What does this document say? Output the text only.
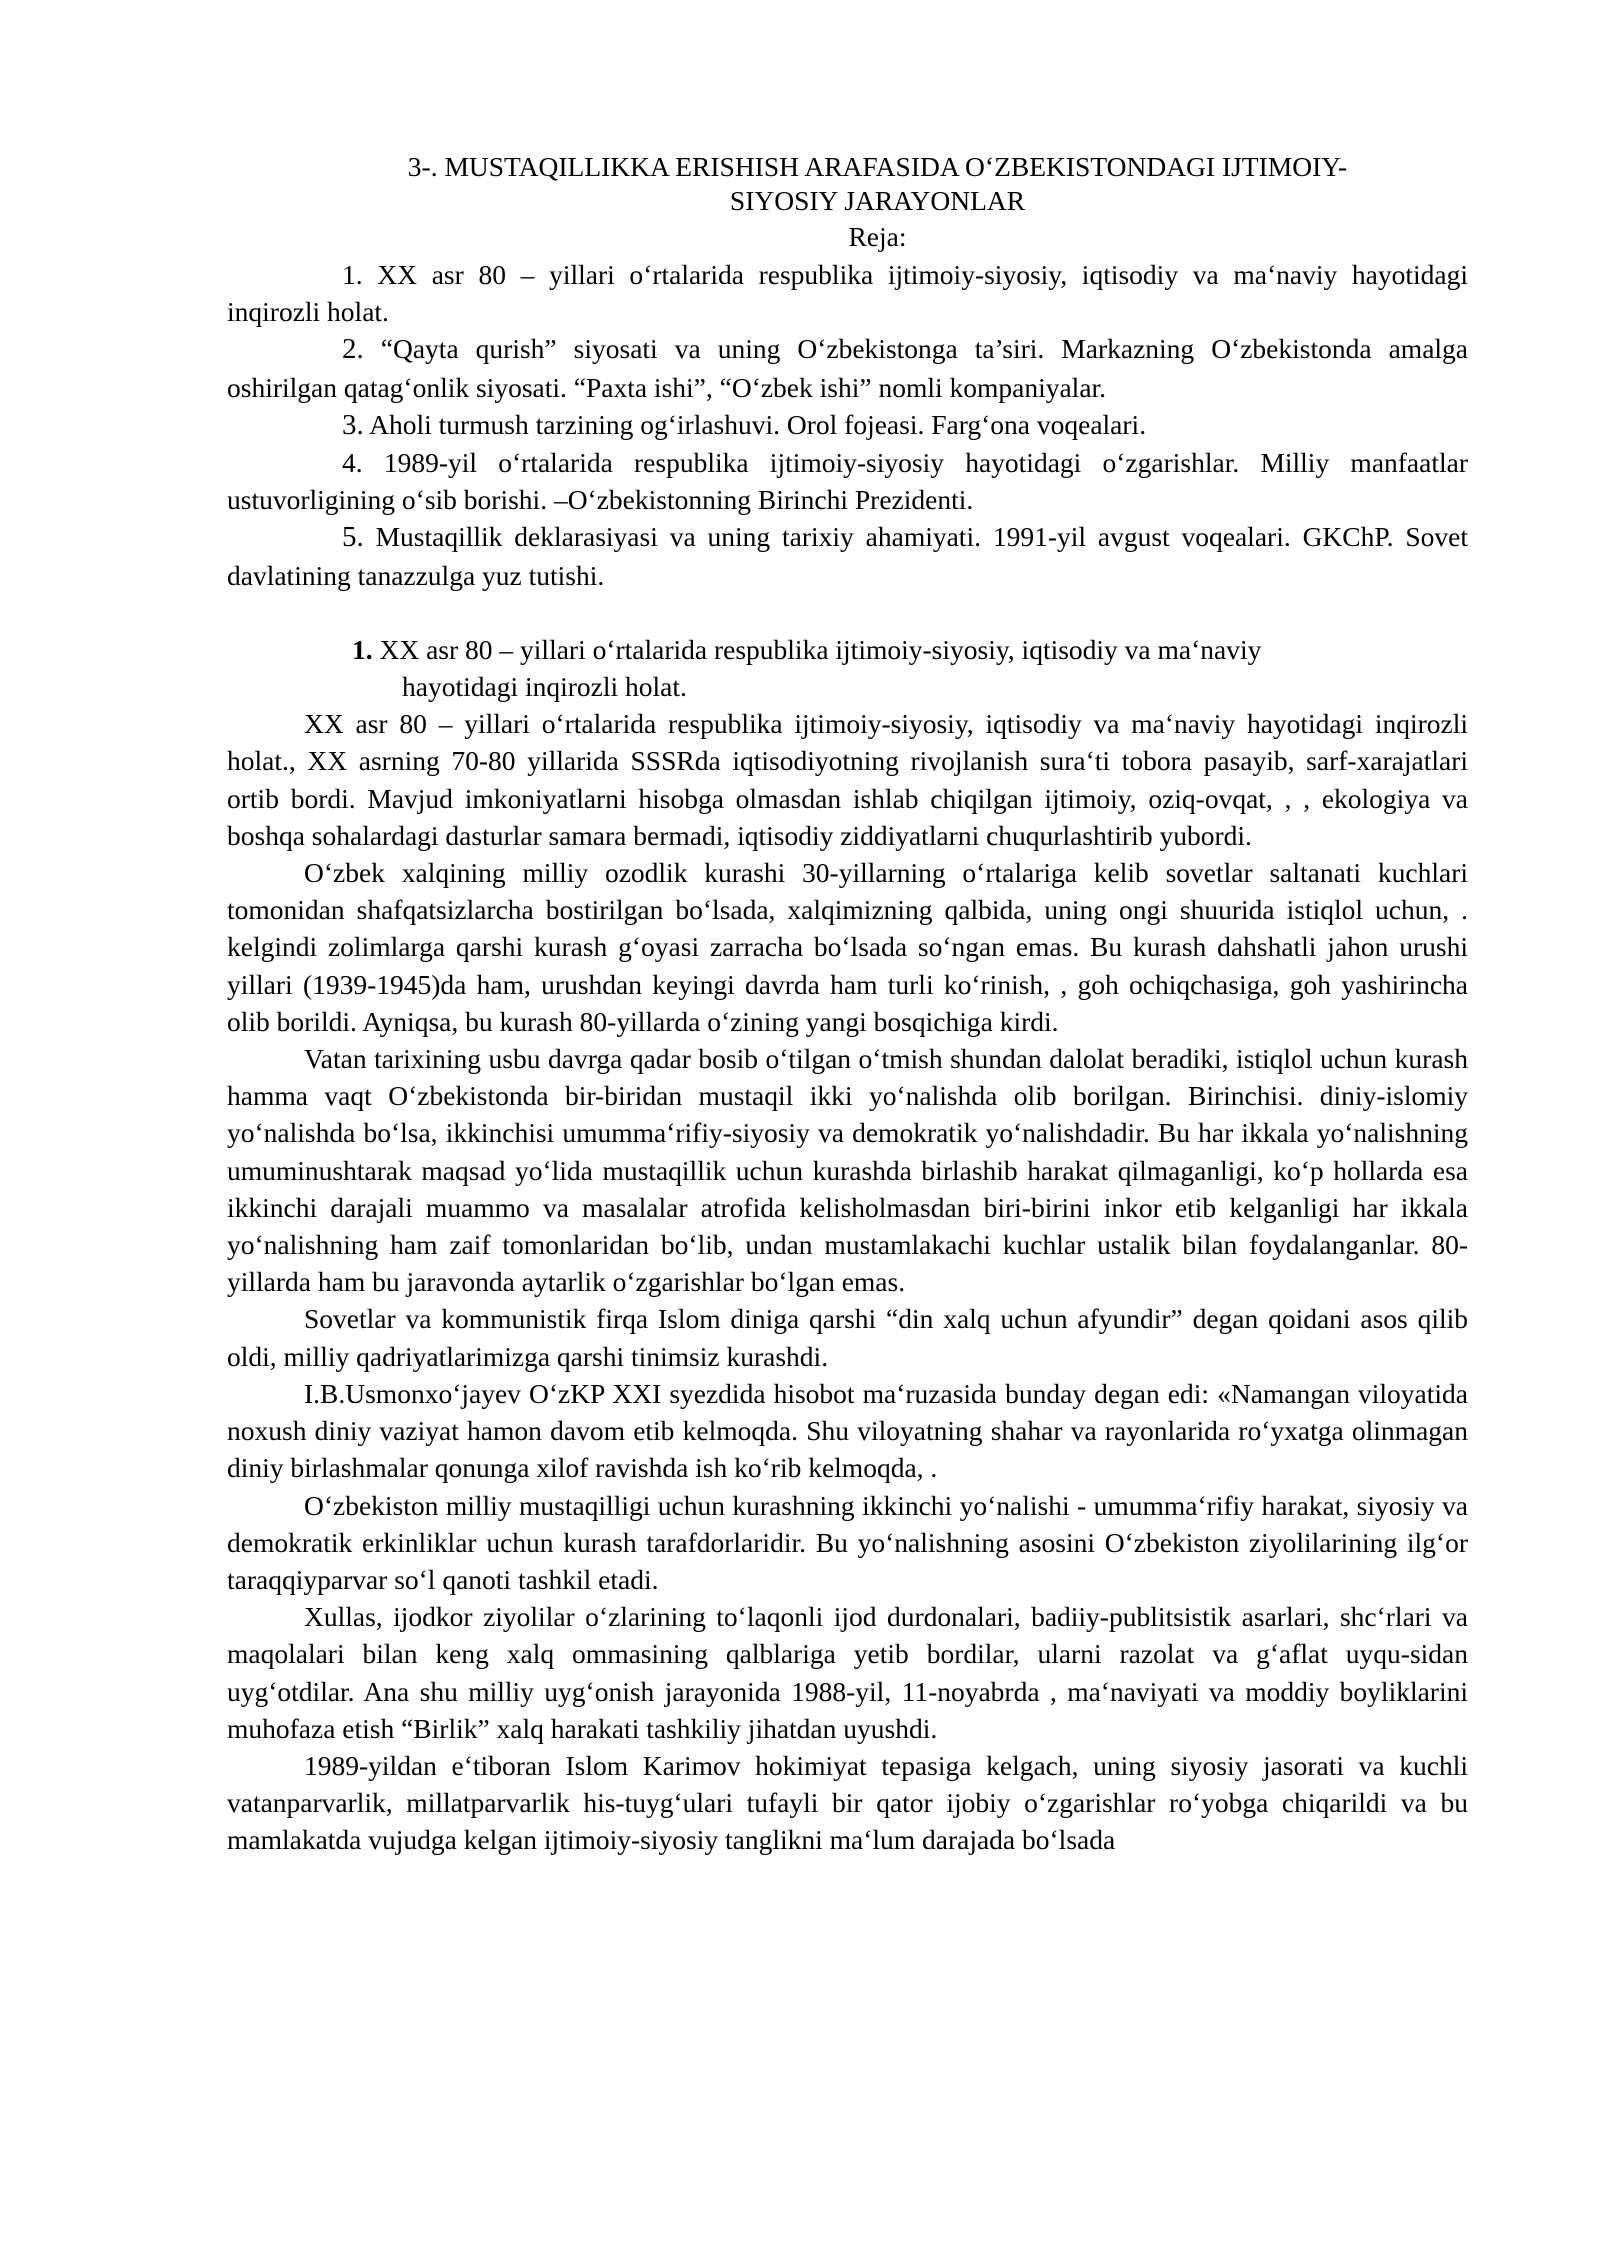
3-. MUSTAQILLIKKA ERISHISH ARAFASIDA O‘ZBEKISTONDAGI IJTIMOIY-
SIYOSIY JARAYONLAR

Reja:

1. XX asr 80 – yillari o‘rtalarida respublika ijtimoiy-siyosiy, iqtisodiy va ma‘naviy hayotidagi inqirozli holat.

2. “Qayta qurish” siyosati va uning O‘zbekistonga ta’siri. Markazning O‘zbekistonda amalga oshirilgan qatag‘onlik siyosati. “Paxta ishi”, “O‘zbek ishi” nomli kompaniyalar.

3. Aholi turmush tarzining og‘irlashuvi. Orol fojeasi. Farg‘ona voqealari.

4. 1989-yil o‘rtalarida respublika ijtimoiy-siyosiy hayotidagi o‘zgarishlar. Milliy manfaatlar ustuvorligining o‘sib borishi. –O‘zbekistonning Birinchi Prezidenti.

5. Mustaqillik deklarasiyasi va uning tarixiy ahamiyati. 1991-yil avgust voqealari. GKChP. Sovet davlatining tanazzulga yuz tutishi.

1. XX asr 80 – yillari o‘rtalarida respublika ijtimoiy-siyosiy, iqtisodiy va ma‘naviy
hayotidagi inqirozli holat.

XX asr 80 – yillari o‘rtalarida respublika ijtimoiy-siyosiy, iqtisodiy va ma‘naviy hayotidagi inqirozli holat., XX asrning 70-80 yillarida SSSRda iqtisodiyotning rivojlanish sura‘ti tobora pasayib, sarf-xarajatlari ortib bordi. Mavjud imkoniyatlarni hisobga olmasdan ishlab chiqilgan ijtimoiy, oziq-ovqat, , , ekologiya va boshqa sohalardagi dasturlar samara bermadi, iqtisodiy ziddiyatlarni chuqurlashtirib yubordi.

O‘zbek xalqining milliy ozodlik kurashi 30-yillarning o‘rtalariga kelib sovetlar saltanati kuchlari tomonidan shafqatsizlarcha bostirilgan bo‘lsada, xalqimizning qalbida, uning ongi shuurida istiqlol uchun, . kelgindi zolimlarga qarshi kurash g‘oyasi zarracha bo‘lsada so‘ngan emas. Bu kurash dahshatli jahon urushi yillari (1939-1945)da ham, urushdan keyingi davrda ham turli ko‘rinish, , goh ochiqchasiga, goh yashirincha olib borildi. Ayniqsa, bu kurash 80-yillarda o‘zining yangi bosqichiga kirdi.

Vatan tarixining usbu davrga qadar bosib o‘tilgan o‘tmish shundan dalolat beradiki, istiqlol uchun kurash hamma vaqt O‘zbekistonda bir-biridan mustaqil ikki yo‘nalishda olib borilgan. Birinchisi. diniy-islomiy yo‘nalishda bo‘lsa, ikkinchisi umumma‘rifiy-siyosiy va demokratik yo‘nalishdadir. Bu har ikkala yo‘nalishning umuminushtarak maqsad yo‘lida mustaqillik uchun kurashda birlashib harakat qilmaganligi, ko‘p hollarda esa ikkinchi darajali muammo va masalalar atrofida kelisholmasdan biri-birini inkor etib kelganligi har ikkala yo‘nalishning ham zaif tomonlaridan bo‘lib, undan mustamlakachi kuchlar ustalik bilan foydalanganlar. 80-yillarda ham bu jaravonda aytarlik o‘zgarishlar bo‘lgan emas.

Sovetlar va kommunistik firqa Islom diniga qarshi “din xalq uchun afyundir” degan qoidani asos qilib oldi, milliy qadriyatlarimizga qarshi tinimsiz kurashdi.

I.B.Usmonxo‘jayev O‘zKP XXI syezdida hisobot ma‘ruzasida bunday degan edi: «Namangan viloyatida noxush diniy vaziyat hamon davom etib kelmoqda. Shu viloyatning shahar va rayonlarida ro‘yxatga olinmagan diniy birlashmalar qonunga xilof ravishda ish ko‘rib kelmoqda, .

O‘zbekiston milliy mustaqilligi uchun kurashning ikkinchi yo‘nalishi - umumma‘rifiy harakat, siyosiy va demokratik erkinliklar uchun kurash tarafdorlaridir. Bu yo‘nalishning asosini O‘zbekiston ziyolilarining ilg‘or taraqqiyparvar so‘l qanoti tashkil etadi.

Xullas, ijodkor ziyolilar o‘zlarining to‘laqonli ijod durdonalari, badiiy-publitsistik asarlari, shc‘rlari va maqolalari bilan keng xalq ommasining qalblariga yetib bordilar, ularni razolat va g‘aflat uyqu-sidan uyg‘otdilar. Ana shu milliy uyg‘onish jarayonida 1988-yil, 11-noyabrda , ma‘naviyati va moddiy boyliklarini muhofaza etish “Birlik” xalq harakati tashkiliy jihatdan uyushdi.

1989-yildan e‘tiboran Islom Karimov hokimiyat tepasiga kelgach, uning siyosiy jasorati va kuchli vatanparvarlik, millatparvarlik his-tuyg‘ulari tufayli bir qator ijobiy o‘zgarishlar ro‘yobga chiqarildi va bu mamlakatda vujudga kelgan ijtimoiy-siyosiy tanglikni ma‘lum darajada bo‘lsada
